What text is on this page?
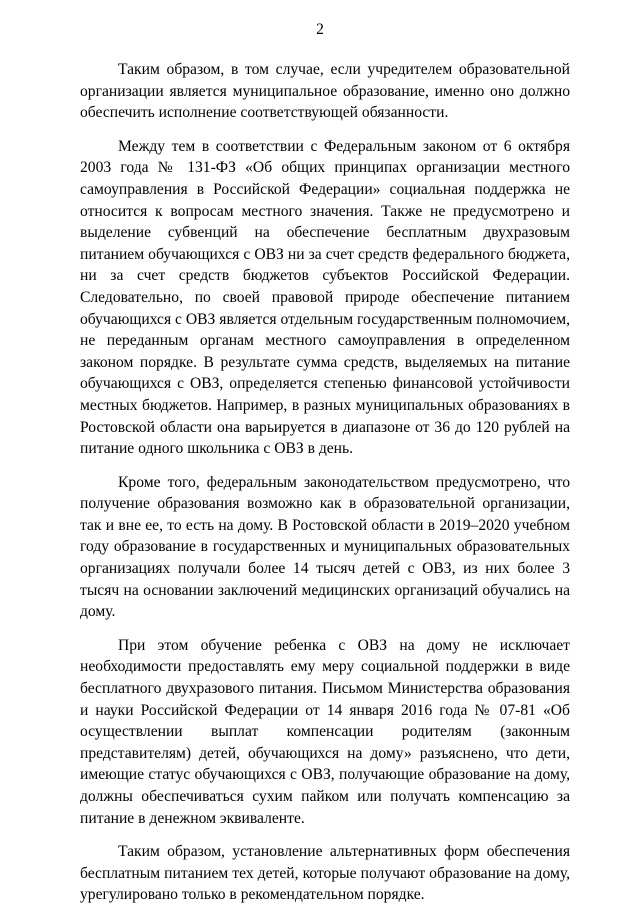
2

Таким образом, в том случае, если учредителем образовательной организации является муниципальное образование, именно оно должно обеспечить исполнение соответствующей обязанности.

Между тем в соответствии с Федеральным законом от 6 октября 2003 года № 131-ФЗ «Об общих принципах организации местного самоуправления в Российской Федерации» социальная поддержка не относится к вопросам местного значения. Также не предусмотрено и выделение субвенций на обеспечение бесплатным двухразовым питанием обучающихся с ОВЗ ни за счет средств федерального бюджета, ни за счет средств бюджетов субъектов Российской Федерации. Следовательно, по своей правовой природе обеспечение питанием обучающихся с ОВЗ является отдельным государственным полномочием, не переданным органам местного самоуправления в определенном законом порядке. В результате сумма средств, выделяемых на питание обучающихся с ОВЗ, определяется степенью финансовой устойчивости местных бюджетов. Например, в разных муниципальных образованиях в Ростовской области она варьируется в диапазоне от 36 до 120 рублей на питание одного школьника с ОВЗ в день.

Кроме того, федеральным законодательством предусмотрено, что получение образования возможно как в образовательной организации, так и вне ее, то есть на дому. В Ростовской области в 2019–2020 учебном году образование в государственных и муниципальных образовательных организациях получали более 14 тысяч детей с ОВЗ, из них более 3 тысяч на основании заключений медицинских организаций обучались на дому.

При этом обучение ребенка с ОВЗ на дому не исключает необходимости предоставлять ему меру социальной поддержки в виде бесплатного двухразового питания. Письмом Министерства образования и науки Российской Федерации от 14 января 2016 года № 07-81 «Об осуществлении выплат компенсации родителям (законным представителям) детей, обучающихся на дому» разъяснено, что дети, имеющие статус обучающихся с ОВЗ, получающие образование на дому, должны обеспечиваться сухим пайком или получать компенсацию за питание в денежном эквиваленте.

Таким образом, установление альтернативных форм обеспечения бесплатным питанием тех детей, которые получают образование на дому, урегулировано только в рекомендательном порядке.
